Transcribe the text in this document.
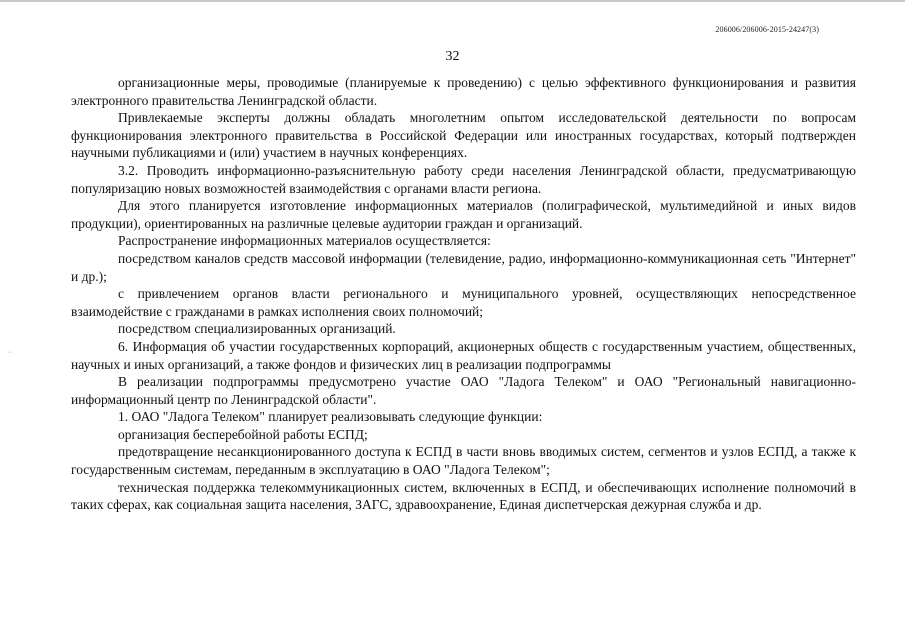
206006/206006-2015-24247(3)
32
~

организационные меры, проводимые (планируемые к проведению) с целью эффективного функционирования и развития электронного правительства Ленинградской области.

Привлекаемые эксперты должны обладать многолетним опытом исследовательской деятельности по вопросам функционирования электронного правительства в Российской Федерации или иностранных государствах, который подтвержден научными публикациями и (или) участием в научных конференциях.

3.2. Проводить информационно-разъяснительную работу среди населения Ленинградской области, предусматривающую популяризацию новых возможностей взаимодействия с органами власти региона.

Для этого планируется изготовление информационных материалов (полиграфической, мультимедийной и иных видов продукции), ориентированных на различные целевые аудитории граждан и организаций.

Распространение информационных материалов осуществляется:

посредством каналов средств массовой информации (телевидение, радио, информационно-коммуникационная сеть "Интернет" и др.);

с привлечением органов власти регионального и муниципального уровней, осуществляющих непосредственное взаимодействие с гражданами в рамках исполнения своих полномочий;

посредством специализированных организаций.

6. Информация об участии государственных корпораций, акционерных обществ с государственным участием, общественных, научных и иных организаций, а также фондов и физических лиц в реализации подпрограммы

В реализации подпрограммы предусмотрено участие ОАО "Ладога Телеком" и ОАО "Региональный навигационно-информационный центр по Ленинградской области".

1. ОАО "Ладога Телеком" планирует реализовывать следующие функции:

организация бесперебойной работы ЕСПД;

предотвращение несанкционированного доступа к ЕСПД в части вновь вводимых систем, сегментов и узлов ЕСПД, а также к государственным системам, переданным в эксплуатацию в ОАО "Ладога Телеком";

техническая поддержка телекоммуникационных систем, включенных в ЕСПД, и обеспечивающих исполнение полномочий в таких сферах, как социальная защита населения, ЗАГС, здравоохранение, Единая диспетчерская дежурная служба и др.
